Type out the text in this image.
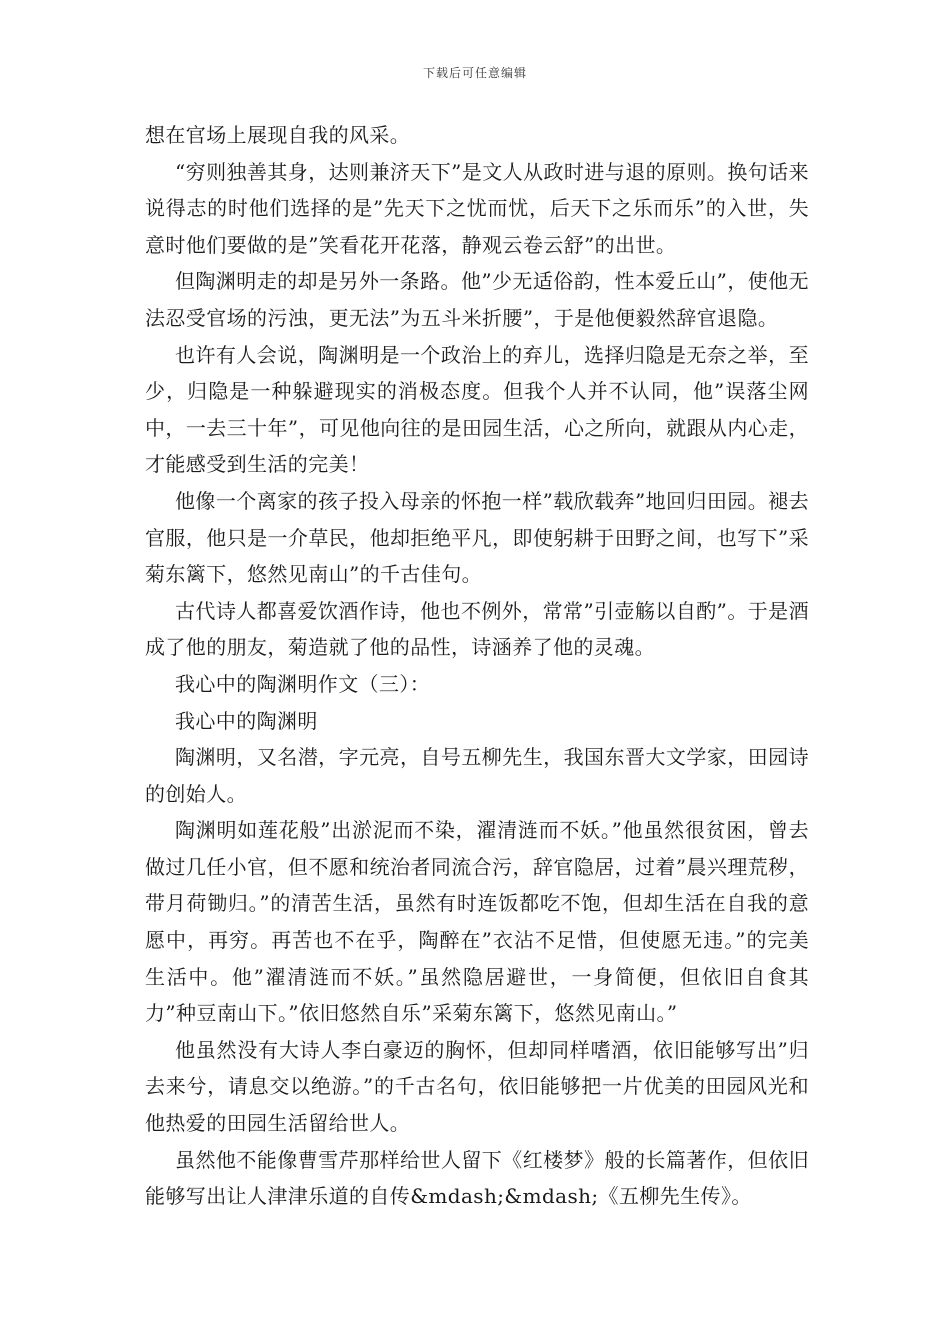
下载后可任意编辑

想在官场上展现自我的风采。

“穷则独善其身，达则兼济天下”是文人从政时进与退的原则。换句话来说得志的时他们选择的是”先天下之忧而忧，后天下之乐而乐”的入世，失意时他们要做的是”笑看花开花落，静观云卷云舒”的出世。

但陶渊明走的却是另外一条路。他”少无适俗韵，性本爱丘山”，使他无法忍受官场的污浊，更无法”为五斗米折腰”，于是他便毅然辞官退隐。

也许有人会说，陶渊明是一个政治上的弃儿，选择归隐是无奈之举，至少，归隐是一种躲避现实的消极态度。但我个人并不认同，他”误落尘网中，一去三十年”，可见他向往的是田园生活，心之所向，就跟从内心走，才能感受到生活的完美！

他像一个离家的孩子投入母亲的怀抱一样”载欣载奔”地回归田园。褪去官服，他只是一介草民，他却拒绝平凡，即使躬耕于田野之间，也写下”采菊东篱下，悠然见南山”的千古佳句。

古代诗人都喜爱饮酒作诗，他也不例外，常常”引壶觞以自酌”。于是酒成了他的朋友，菊造就了他的品性，诗涵养了他的灵魂。

我心中的陶渊明作文（三）：

我心中的陶渊明

陶渊明，又名潜，字元亮，自号五柳先生，我国东晋大文学家，田园诗的创始人。

陶渊明如莲花般”出淤泥而不染，濯清涟而不妖。”他虽然很贫困，曾去做过几任小官，但不愿和统治者同流合污，辞官隐居，过着”晨兴理荒秽，带月荷锄归。”的清苦生活，虽然有时连饭都吃不饱，但却生活在自我的意愿中，再穷。再苦也不在乎，陶醉在”衣沾不足惜，但使愿无违。”的完美生活中。他”濯清涟而不妖。”虽然隐居避世，一身简便，但依旧自食其力”种豆南山下。”依旧悠然自乐”采菊东篱下，悠然见南山。”

他虽然没有大诗人李白豪迈的胸怀，但却同样嗜酒，依旧能够写出”归去来兮，请息交以绝游。”的千古名句，依旧能够把一片优美的田园风光和他热爱的田园生活留给世人。

虽然他不能像曹雪芹那样给世人留下《红楼梦》般的长篇著作，但依旧能够写出让人津津乐道的自传&mdash;&mdash;《五柳先生传》。
